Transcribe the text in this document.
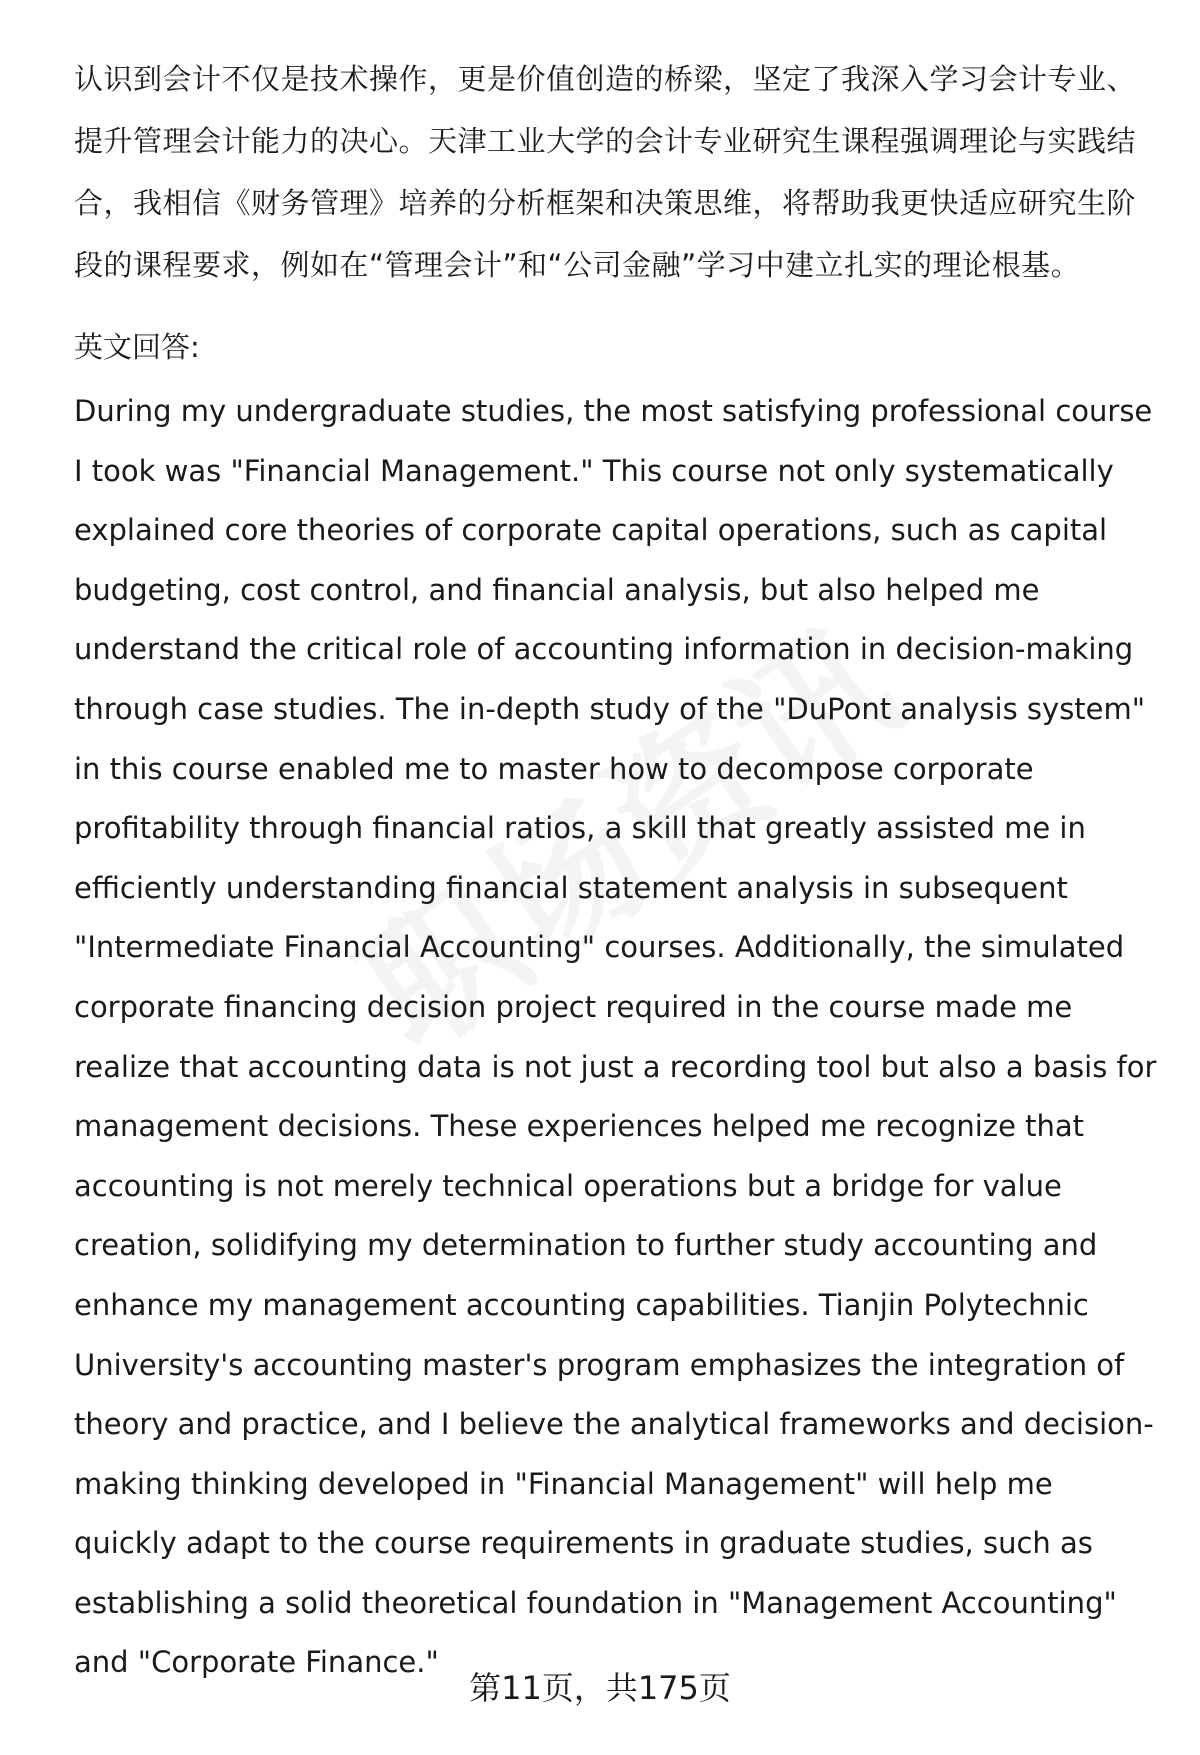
认识到会计不仅是技术操作，更是价值创造的桥梁，坚定了我深入学习会计专业、提升管理会计能力的决心。天津工业大学的会计专业研究生课程强调理论与实践结合，我相信《财务管理》培养的分析框架和决策思维，将帮助我更快适应研究生阶段的课程要求，例如在“管理会计”和“公司金融”学习中建立扎实的理论根基。

英文回答:

During my undergraduate studies, the most satisfying professional course I took was "Financial Management." This course not only systematically explained core theories of corporate capital operations, such as capital budgeting, cost control, and financial analysis, but also helped me understand the critical role of accounting information in decision-making through case studies. The in-depth study of the "DuPont analysis system" in this course enabled me to master how to decompose corporate profitability through financial ratios, a skill that greatly assisted me in efficiently understanding financial statement analysis in subsequent "Intermediate Financial Accounting" courses. Additionally, the simulated corporate financing decision project required in the course made me realize that accounting data is not just a recording tool but also a basis for management decisions. These experiences helped me recognize that accounting is not merely technical operations but a bridge for value creation, solidifying my determination to further study accounting and enhance my management accounting capabilities. Tianjin Polytechnic University's accounting master's program emphasizes the integration of theory and practice, and I believe the analytical frameworks and decision-making thinking developed in "Financial Management" will help me quickly adapt to the course requirements in graduate studies, such as establishing a solid theoretical foundation in "Management Accounting" and "Corporate Finance."

第11页，共175页
